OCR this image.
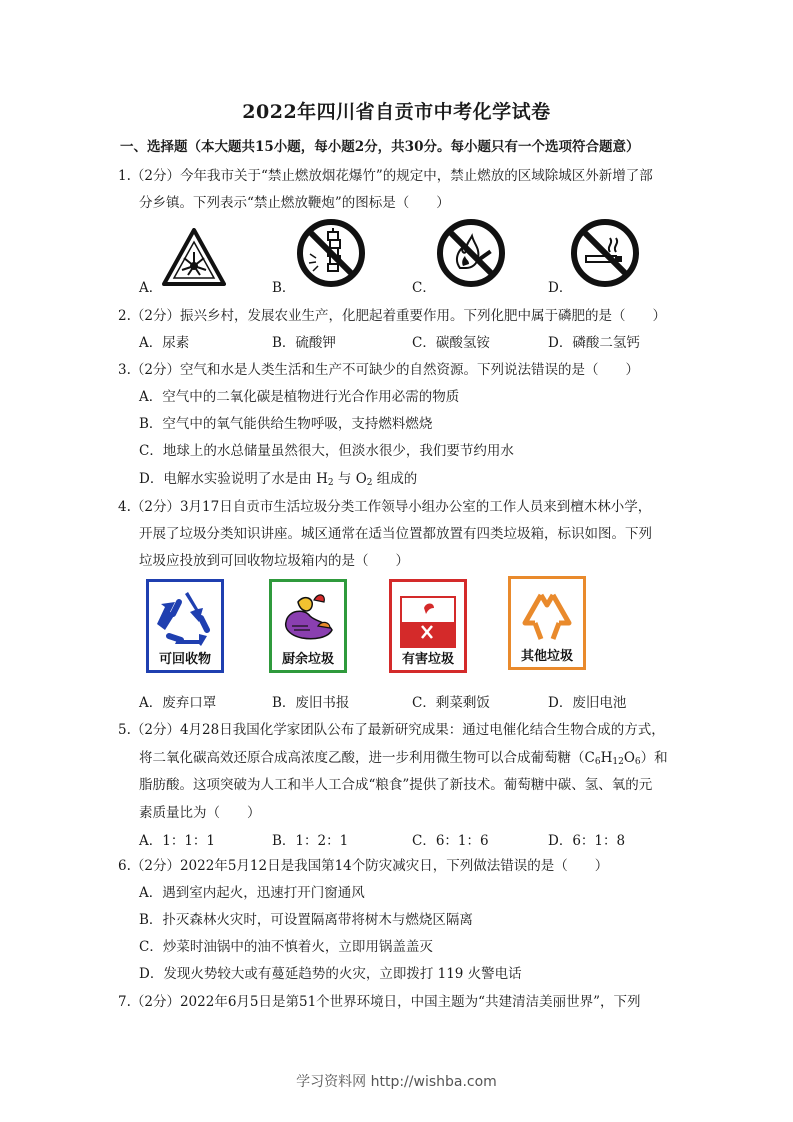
2022年四川省自贡市中考化学试卷
一、选择题（本大题共15小题，每小题2分，共30分。每小题只有一个选项符合题意）
1.（2分）今年我市关于“禁止燃放烟花爆竹”的规定中，禁止燃放的区域除城区外新增了部
分乡镇。下列表示“禁止燃放鞭炮”的图标是（　　）
A．	B．	C．	D．
2.（2分）振兴乡村，发展农业生产，化肥起着重要作用。下列化肥中属于磷肥的是（　　）
A．尿素	B．硫酸钾	C．碳酸氢铵	D．磷酸二氢钙
3.（2分）空气和水是人类生活和生产不可缺少的自然资源。下列说法错误的是（　　）
A．空气中的二氧化碳是植物进行光合作用必需的物质
B．空气中的氧气能供给生物呼吸，支持燃料燃烧
C．地球上的水总储量虽然很大，但淡水很少，我们要节约用水
D．电解水实验说明了水是由 $H_2$ 与 $O_2$ 组成的
4.（2分）3月17日自贡市生活垃圾分类工作领导小组办公室的工作人员来到檀木林小学，
开展了垃圾分类知识讲座。城区通常在适当位置都放置有四类垃圾箱，标识如图。下列
垃圾应投放到可回收物垃圾箱内的是（　　）
可回收物	厨余垃圾	有害垃圾	其他垃圾
A．废弃口罩	B．废旧书报	C．剩菜剩饭	D．废旧电池
5.（2分）4月28日我国化学家团队公布了最新研究成果：通过电催化结合生物合成的方式，
将二氧化碳高效还原合成高浓度乙酸，进一步利用微生物可以合成葡萄糖$(C_6H_{12}O_6)$和
脂肪酸。这项突破为人工和半人工合成“粮食”提供了新技术。葡萄糖中碳、氢、氧的元
素质量比为（　　）
A．1：1：1	B．1：2：1	C．6：1：6	D．6：1：8
6.（2分）2022年5月12日是我国第14个防灾减灾日，下列做法错误的是（　　）
A．遇到室内起火，迅速打开门窗通风
B．扑灭森林火灾时，可设置隔离带将树木与燃烧区隔离
C．炒菜时油锅中的油不慎着火，立即用锅盖盖灭
D．发现火势较大或有蔓延趋势的火灾，立即拨打 119 火警电话
7.（2分）2022年6月5日是第51个世界环境日，中国主题为“共建清洁美丽世界”，下列
学习资料网 http://wishba.com
